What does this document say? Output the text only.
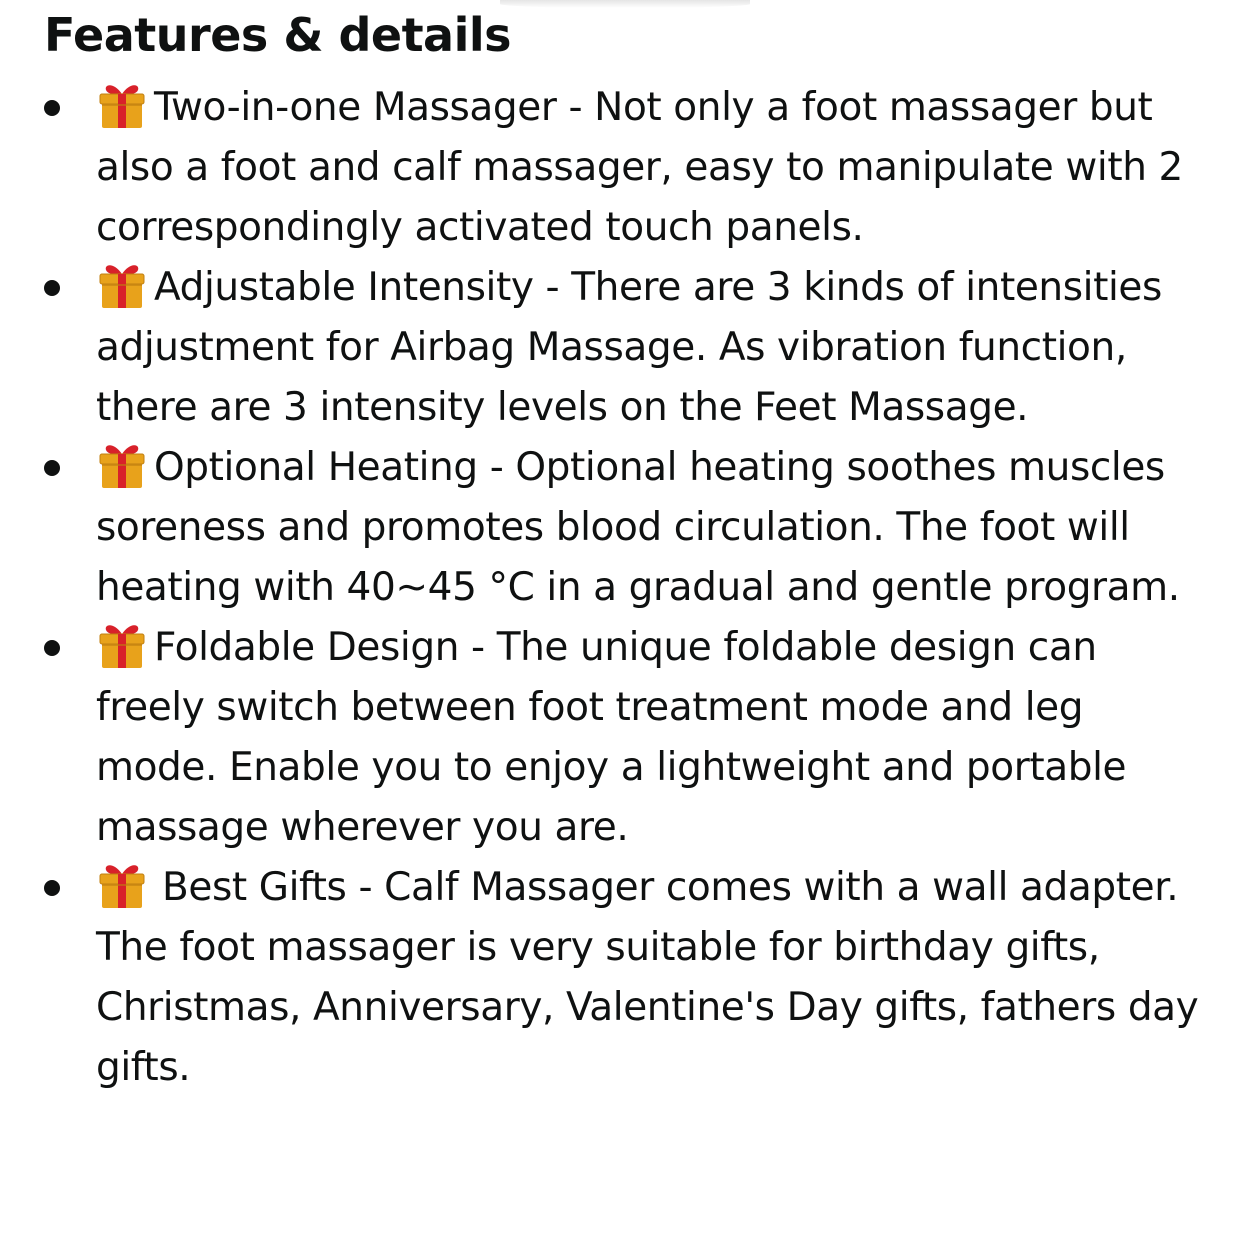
Features & details
Two-in-one Massager - Not only a foot massager but also a foot and calf massager, easy to manipulate with 2 correspondingly activated touch panels.
Adjustable Intensity - There are 3 kinds of intensities adjustment for Airbag Massage. As vibration function, there are 3 intensity levels on the Feet Massage.
Optional Heating - Optional heating soothes muscles soreness and promotes blood circulation. The foot will heating with 40~45 °C in a gradual and gentle program.
Foldable Design - The unique foldable design can freely switch between foot treatment mode and leg mode. Enable you to enjoy a lightweight and portable massage wherever you are.
Best Gifts - Calf Massager comes with a wall adapter. The foot massager is very suitable for birthday gifts, Christmas, Anniversary, Valentine's Day gifts, fathers day gifts.
